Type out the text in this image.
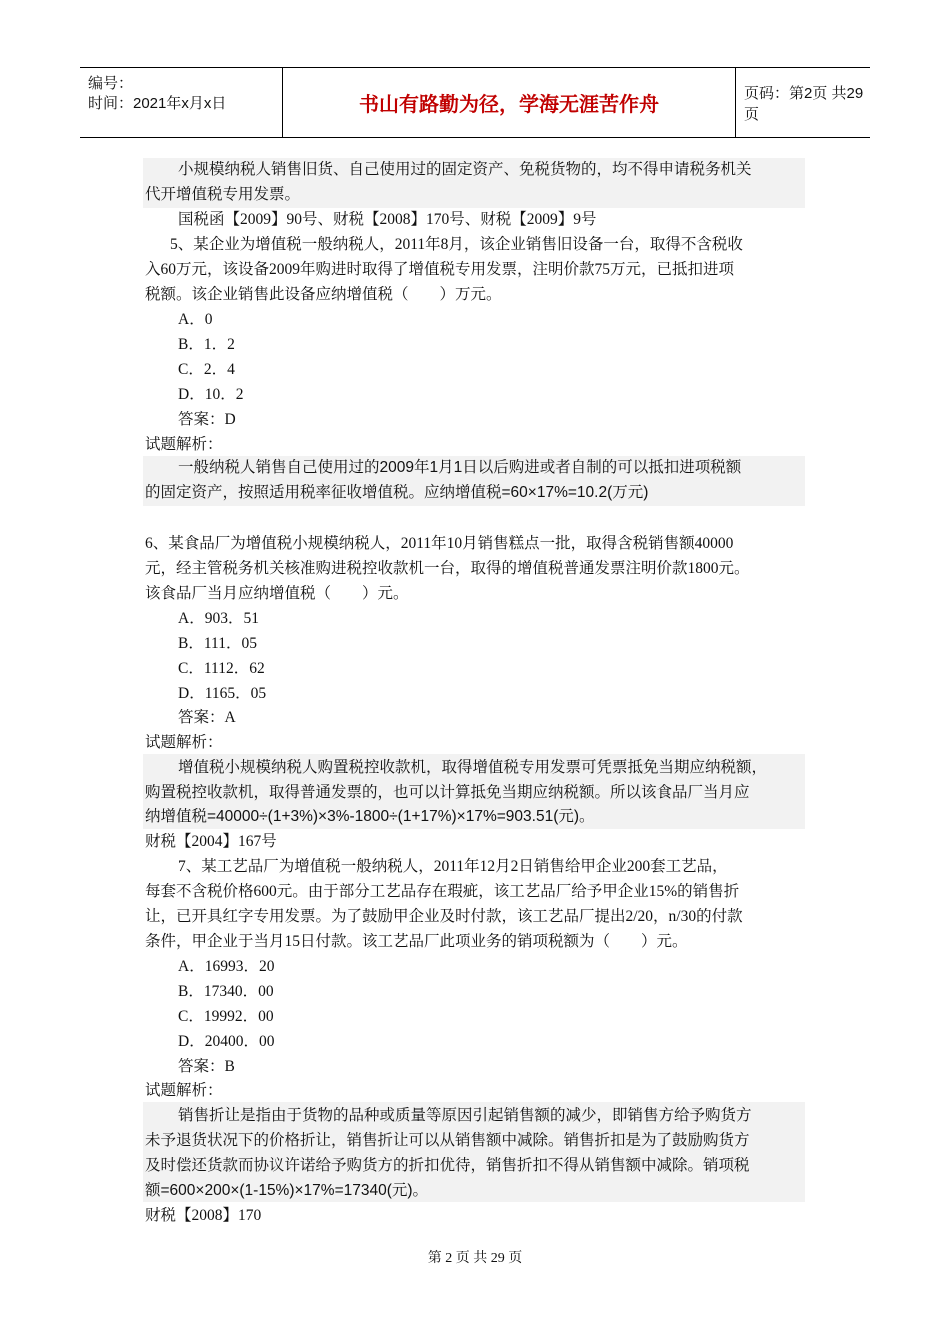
编号：
时间：2021年x月x日	书山有路勤为径，学海无涯苦作舟	页码：第2页 共29页
小规模纳税人销售旧货、自己使用过的固定资产、免税货物的，均不得申请税务机关
代开增值税专用发票。
国税函【2009】90号、财税【2008】170号、财税【2009】9号
5、某企业为增值税一般纳税人，2011年8月，该企业销售旧设备一台，取得不含税收
入60万元，该设备2009年购进时取得了增值税专用发票，注明价款75万元，已抵扣进项
税额。该企业销售此设备应纳增值税（　　）万元。
A．0
B．1．2
C．2．4
D．10．2
答案：D
试题解析：
一般纳税人销售自己使用过的2009年1月1日以后购进或者自制的可以抵扣进项税额
的固定资产，按照适用税率征收增值税。应纳增值税=60×17%=10.2(万元)
6、某食品厂为增值税小规模纳税人，2011年10月销售糕点一批，取得含税销售额40000
元，经主管税务机关核准购进税控收款机一台，取得的增值税普通发票注明价款1800元。
该食品厂当月应纳增值税（　　）元。
A．903．51
B．111．05
C．1112．62
D．1165．05
答案：A
试题解析：
增值税小规模纳税人购置税控收款机，取得增值税专用发票可凭票抵免当期应纳税额，
购置税控收款机，取得普通发票的，也可以计算抵免当期应纳税额。所以该食品厂当月应
纳增值税=40000÷(1+3%)×3%-1800÷(1+17%)×17%=903.51(元)。
财税【2004】167号
7、某工艺品厂为增值税一般纳税人，2011年12月2日销售给甲企业200套工艺品，
每套不含税价格600元。由于部分工艺品存在瑕疵，该工艺品厂给予甲企业15%的销售折
让，已开具红字专用发票。为了鼓励甲企业及时付款，该工艺品厂提出2/20，n/30的付款
条件，甲企业于当月15日付款。该工艺品厂此项业务的销项税额为（　　）元。
A．16993．20
B．17340．00
C．19992．00
D．20400．00
答案：B
试题解析：
销售折让是指由于货物的品种或质量等原因引起销售额的减少，即销售方给予购货方
未予退货状况下的价格折让，销售折让可以从销售额中减除。销售折扣是为了鼓励购货方
及时偿还货款而协议许诺给予购货方的折扣优待，销售折扣不得从销售额中减除。销项税
额=600×200×(1-15%)×17%=17340(元)。
财税【2008】170
第 2 页 共 29 页
